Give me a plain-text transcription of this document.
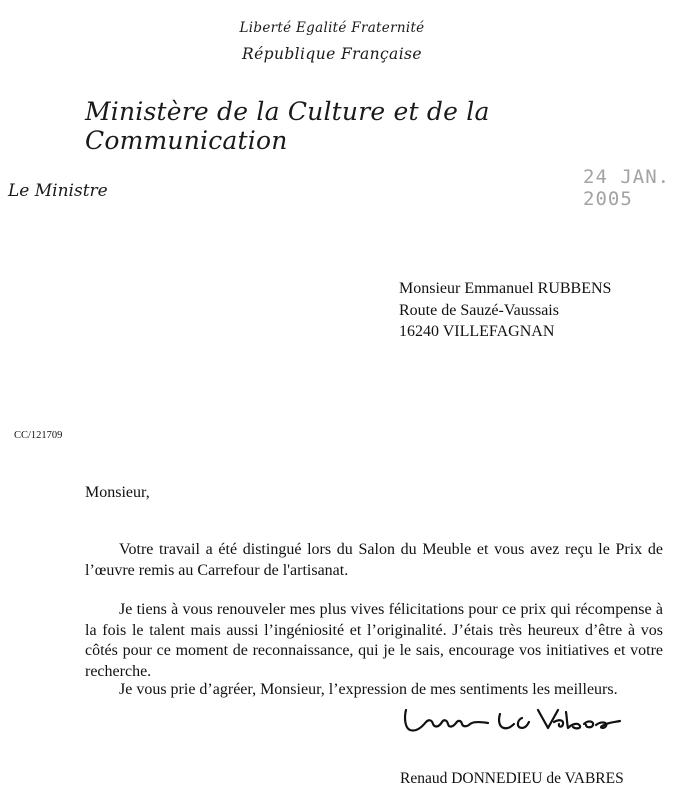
Liberté Egalité Fraternité
République Française
Ministère de la Culture et de la Communication
Le Ministre
24 JAN. 2005
Monsieur Emmanuel RUBBENS
Route de Sauzé-Vaussais
16240 VILLEFAGNAN
CC/121709
Monsieur,
Votre travail a été distingué lors du Salon du Meuble et vous avez reçu le Prix de l’œuvre remis au Carrefour de l'artisanat.
Je tiens à vous renouveler mes plus vives félicitations pour ce prix qui récompense à la fois le talent mais aussi l’ingéniosité et l’originalité. J’étais très heureux d’être à vos côtés pour ce moment de reconnaissance, qui je le sais, encourage vos initiatives et votre recherche.
Je vous prie d’agréer, Monsieur, l’expression de mes sentiments les meilleurs.
Renaud DONNEDIEU de VABRES
